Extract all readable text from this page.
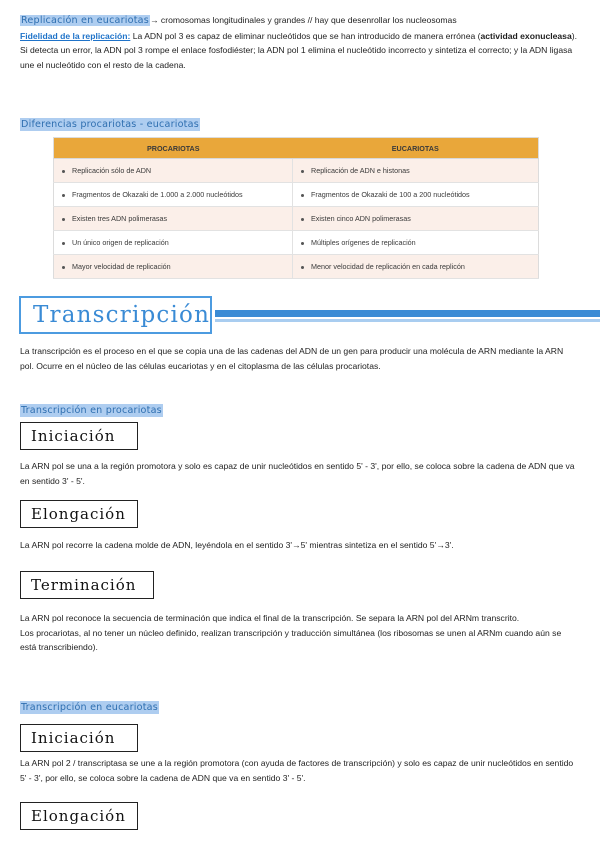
Replicación en eucariotas→ cromosomas longitudinales y grandes // hay que desenrollar los nucleosomas

Fidelidad de la replicación: La ADN pol 3 es capaz de eliminar nucleótidos que se han introducido de manera errónea (actividad exonucleasa).

Si detecta un error, la ADN pol 3 rompe el enlace fosfodiéster; la ADN pol 1 elimina el nucleótido incorrecto y sintetiza el correcto; y la ADN ligasa une el nucleótido con el resto de la cadena.

Diferencias procariotas - eucariotas
PROCARIOTAS	EUCARIOTAS
Replicación sólo de ADN	Replicación de ADN e histonas
Fragmentos de Okazaki de 1.000 a 2.000 nucleótidos	Fragmentos de Okazaki de 100 a 200 nucleótidos
Existen tres ADN polimerasas	Existen cinco ADN polimerasas
Un único origen de replicación	Múltiples orígenes de replicación
Mayor velocidad de replicación	Menor velocidad de replicación en cada replicón
Transcripción

La transcripción es el proceso en el que se copia una de las cadenas del ADN de un gen para producir una molécula de ARN mediante la ARN pol. Ocurre en el núcleo de las células eucariotas y en el citoplasma de las células procariotas.

Transcripción en procariotas
Iniciación

La ARN pol se una a la región promotora y solo es capaz de unir nucleótidos en sentido 5' - 3', por ello, se coloca sobre la cadena de ADN que va en sentido 3' - 5'.

Elongación

La ARN pol recorre la cadena molde de ADN, leyéndola en el sentido 3'→5' mientras sintetiza en el sentido 5'→3'.

Terminación

La ARN pol reconoce la secuencia de terminación que indica el final de la transcripción. Se separa la ARN pol del ARNm transcrito.

Los procariotas, al no tener un núcleo definido, realizan transcripción y traducción simultánea (los ribosomas se unen al ARNm cuando aún se está transcribiendo).

Transcripción en eucariotas
Iniciación

La ARN pol 2 / transcriptasa se une a la región promotora (con ayuda de factores de transcripción) y solo es capaz de unir nucleótidos en sentido 5' - 3', por ello, se coloca sobre la cadena de ADN que va en sentido 3' - 5'.

Elongación
